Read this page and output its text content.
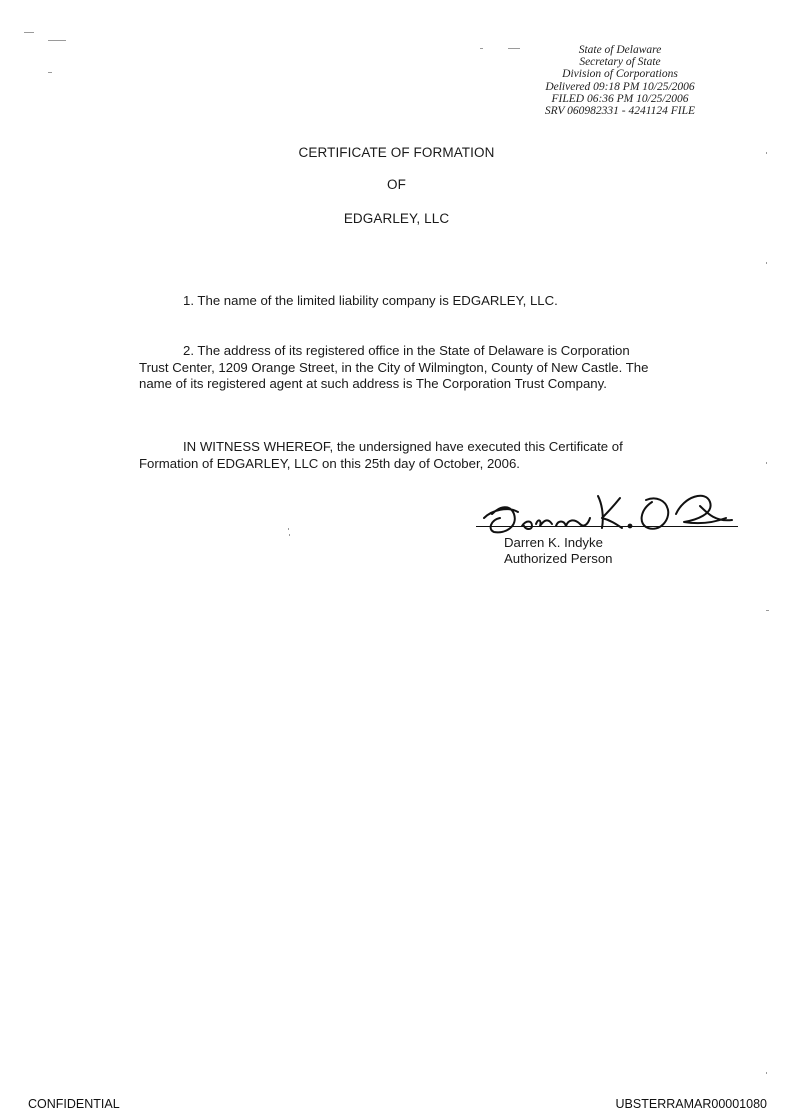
State of Delaware
Secretary of State
Division of Corporations
Delivered 09:18 PM 10/25/2006
FILED 06:36 PM 10/25/2006
SRV 060982331 - 4241124 FILE
CERTIFICATE OF FORMATION
OF
EDGARLEY, LLC

1. The name of the limited liability company is EDGARLEY, LLC.

2. The address of its registered office in the State of Delaware is Corporation Trust Center, 1209 Orange Street, in the City of Wilmington, County of New Castle. The name of its registered agent at such address is The Corporation Trust Company.

IN WITNESS WHEREOF, the undersigned have executed this Certificate of Formation of EDGARLEY, LLC on this 25th day of October, 2006.

Darren K. Indyke
Authorized Person
CONFIDENTIAL	UBSTERRAMAR00001080
